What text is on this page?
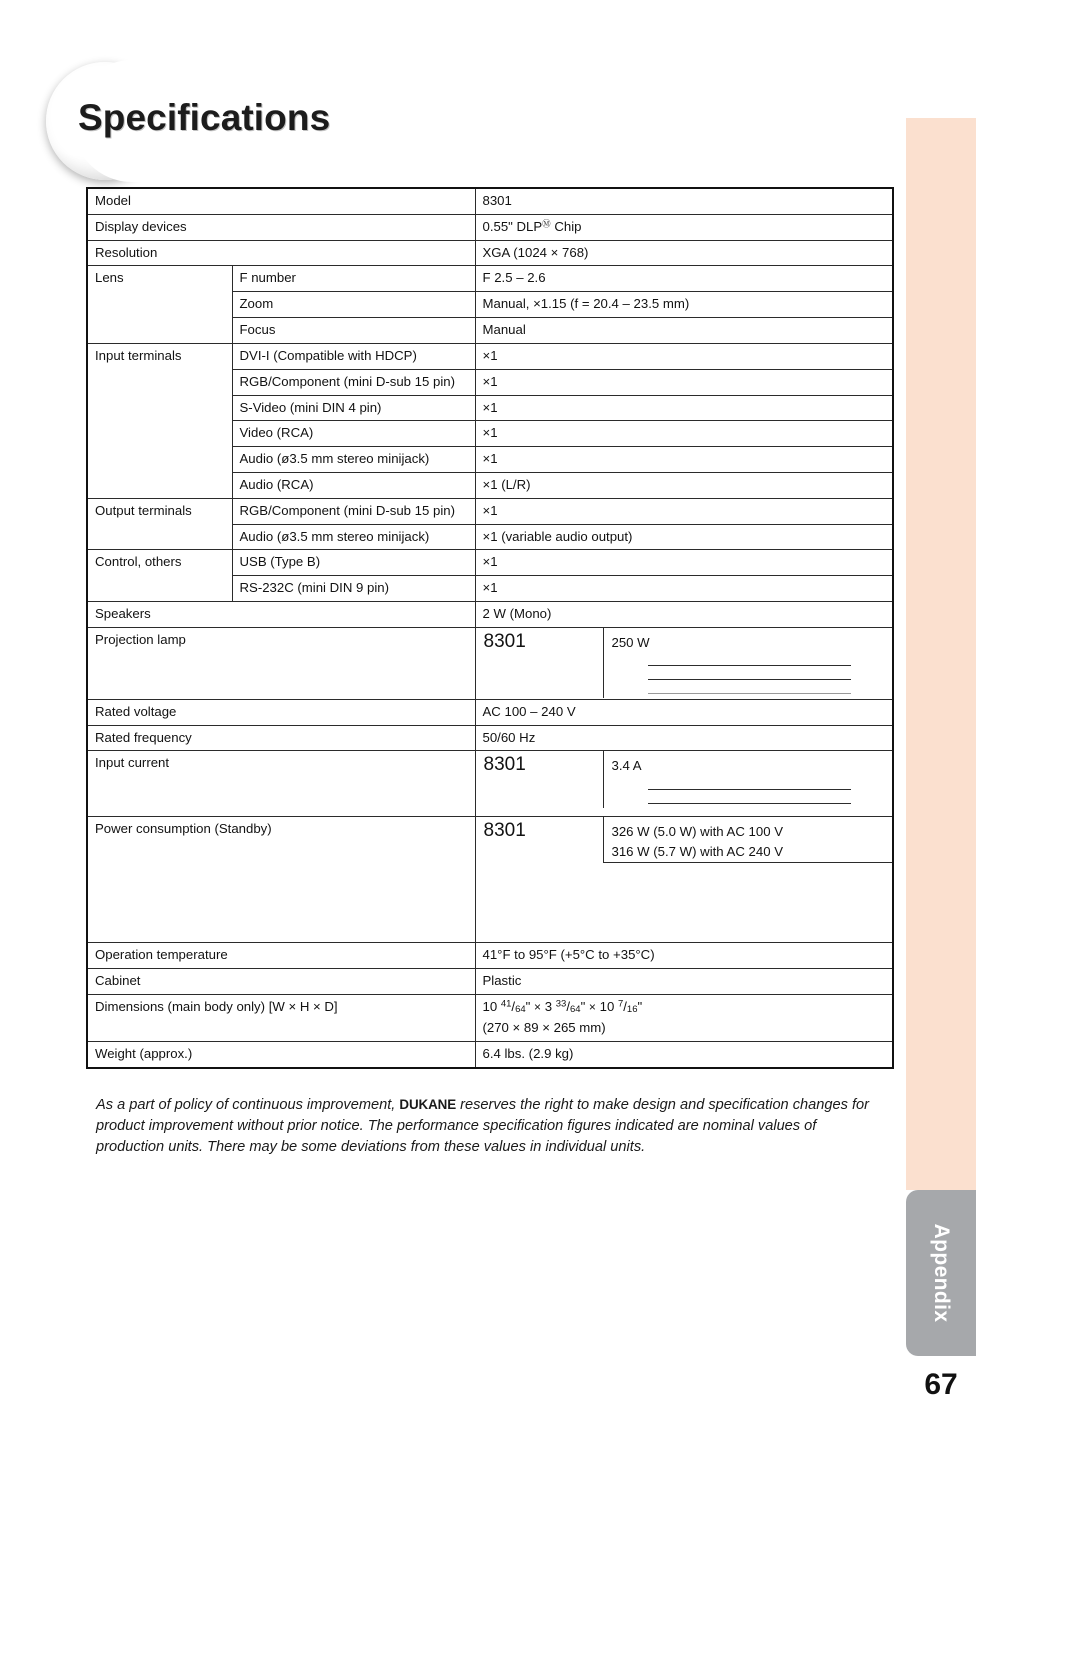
Specifications
Model		8301
Display devices		0.55" DLPⓂ Chip
Resolution		XGA (1024 × 768)
Lens	F number	F 2.5 – 2.6
	Zoom	Manual, ×1.15 (f = 20.4 – 23.5 mm)
	Focus	Manual
Input terminals	DVI-I (Compatible with HDCP)	×1
	RGB/Component (mini D-sub 15 pin)	×1
	S-Video (mini DIN 4 pin)	×1
	Video (RCA)	×1
	Audio (ø3.5 mm stereo minijack)	×1
	Audio (RCA)	×1 (L/R)
Output terminals	RGB/Component (mini D-sub 15 pin)	×1
	Audio (ø3.5 mm stereo minijack)	×1 (variable audio output)
Control, others	USB (Type B)	×1
	RS-232C (mini DIN 9 pin)	×1
Speakers		2 W (Mono)
Projection lamp		8301 250 W

Rated voltage		AC 100 – 240 V
Rated frequency		50/60 Hz
Input current		8301 3.4 A

Power consumption (Standby)		8301 326 W (5.0 W) with AC 100 V
316 W (5.7 W) with AC 240 V

Operation temperature		41°F to 95°F (+5°C to +35°C)
Cabinet		Plastic
Dimensions (main body only) [W × H × D]		10 $^{41}/_{64}$" × 3 $^{33}/_{64}$" × 10 $^7/_{16}$"
(270 × 89 × 265 mm)

Weight (approx.)		6.4 lbs. (2.9 kg)
As a part of policy of continuous improvement, DUKANE reserves the right to make design and specification changes for product improvement without prior notice. The performance specification figures indicated are nominal values of production units. There may be some deviations from these values in individual units.
Appendix
67
